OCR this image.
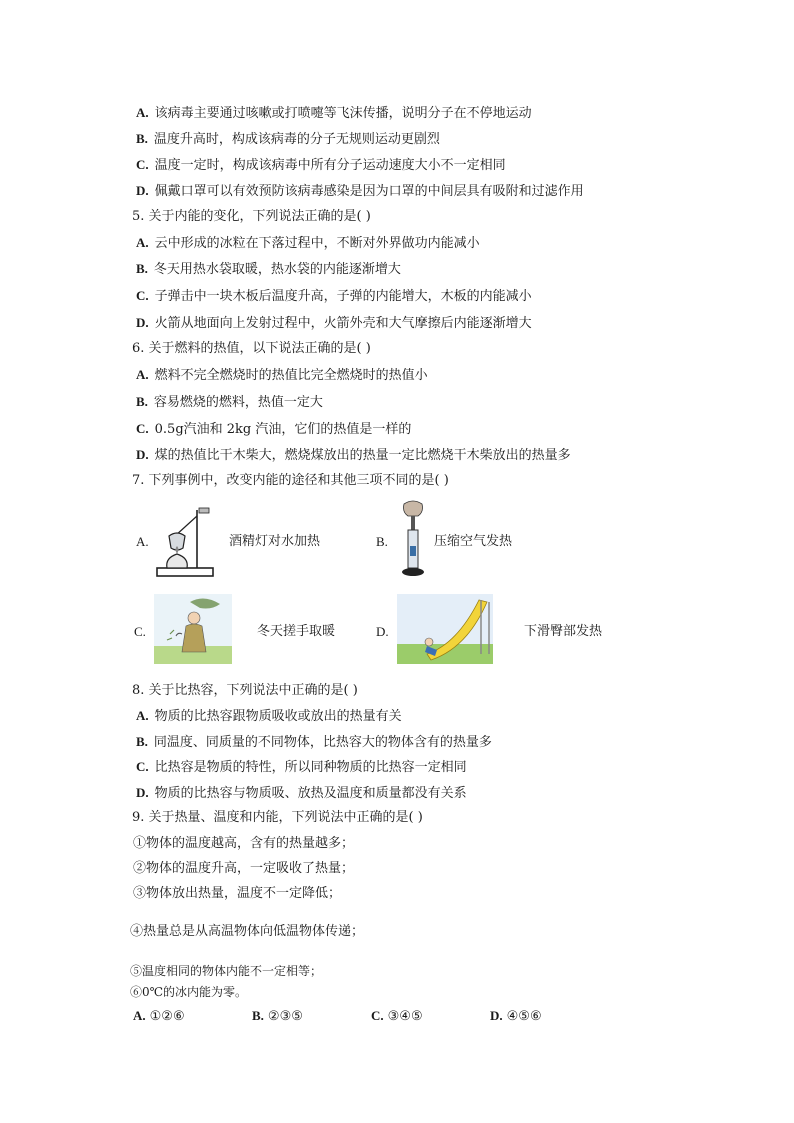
A. 该病毒主要通过咳嗽或打喷嚏等飞沫传播，说明分子在不停地运动
B. 温度升高时，构成该病毒的分子无规则运动更剧烈
C. 温度一定时，构成该病毒中所有分子运动速度大小不一定相同
D. 佩戴口罩可以有效预防该病毒感染是因为口罩的中间层具有吸附和过滤作用
5. 关于内能的变化，下列说法正确的是( )
A. 云中形成的冰粒在下落过程中，不断对外界做功内能减小
B. 冬天用热水袋取暖，热水袋的内能逐渐增大
C. 子弹击中一块木板后温度升高，子弹的内能增大，木板的内能减小
D. 火箭从地面向上发射过程中，火箭外壳和大气摩擦后内能逐渐增大
6. 关于燃料的热值，以下说法正确的是( )
A. 燃料不完全燃烧时的热值比完全燃烧时的热值小
B. 容易燃烧的燃料，热值一定大
C. 0.5g汽油和 2kg 汽油，它们的热值是一样的
D. 煤的热值比干木柴大，燃烧煤放出的热量一定比燃烧干木柴放出的热量多
7. 下列事例中，改变内能的途径和其他三项不同的是( )
A.	酒精灯对水加热	B.	压缩空气发热
C.	冬天搓手取暖	D.	下滑臀部发热
8. 关于比热容，下列说法中正确的是( )
A. 物质的比热容跟物质吸收或放出的热量有关
B. 同温度、同质量的不同物体，比热容大的物体含有的热量多
C. 比热容是物质的特性，所以同种物质的比热容一定相同
D. 物质的比热容与物质吸、放热及温度和质量都没有关系
9. 关于热量、温度和内能，下列说法中正确的是( )
①物体的温度越高，含有的热量越多；
②物体的温度升高，一定吸收了热量；
③物体放出热量，温度不一定降低；
④热量总是从高温物体向低温物体传递；
⑤温度相同的物体内能不一定相等；
⑥0℃的冰内能为零。
A. ①②⑥	B. ②③⑤	C. ③④⑤	D. ④⑤⑥
